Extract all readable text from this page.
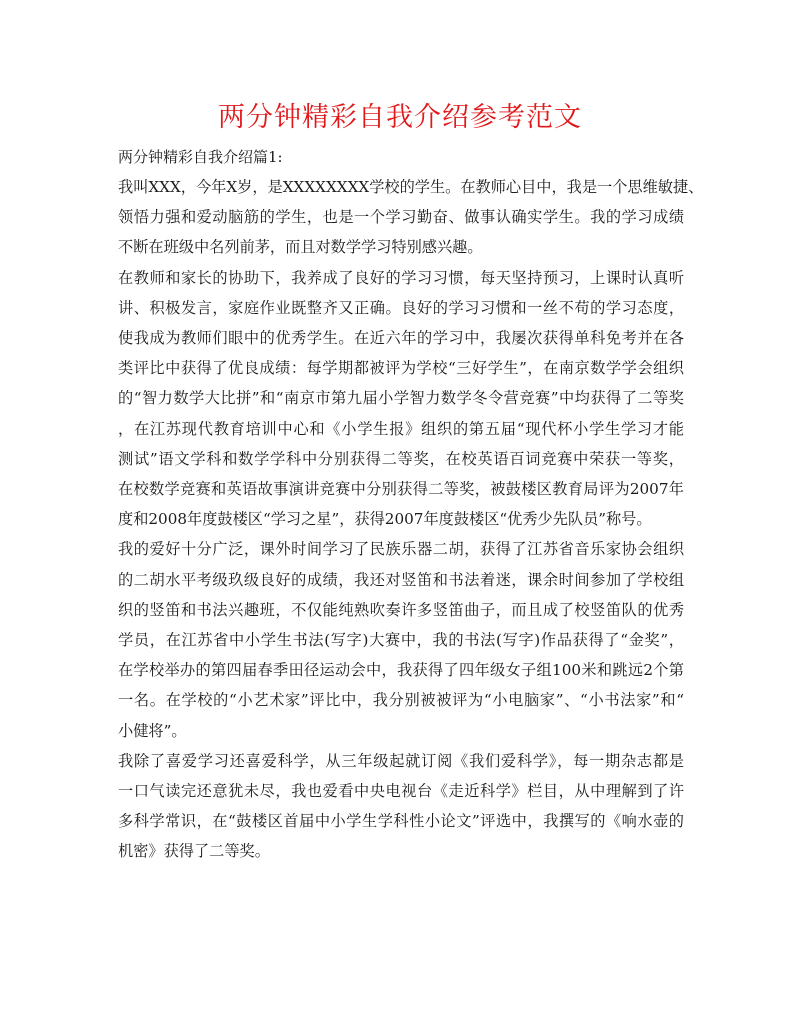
两分钟精彩自我介绍参考范文

两分钟精彩自我介绍篇1:

我叫XXX，今年X岁，是XXXXXXXX学校的学生。在教师心目中，我是一个思维敏捷、

领悟力强和爱动脑筋的学生，也是一个学习勤奋、做事认确实学生。我的学习成绩

不断在班级中名列前茅，而且对数学学习特别感兴趣。

在教师和家长的协助下，我养成了良好的学习习惯，每天坚持预习，上课时认真听

讲、积极发言，家庭作业既整齐又正确。良好的学习习惯和一丝不苟的学习态度，

使我成为教师们眼中的优秀学生。在近六年的学习中，我屡次获得单科免考并在各

类评比中获得了优良成绩：每学期都被评为学校“三好学生”，在南京数学学会组织

的“智力数学大比拼”和“南京市第九届小学智力数学冬令营竞赛”中均获得了二等奖

，在江苏现代教育培训中心和《小学生报》组织的第五届“现代杯小学生学习才能

测试”语文学科和数学学科中分别获得二等奖，在校英语百词竞赛中荣获一等奖，

在校数学竞赛和英语故事演讲竞赛中分别获得二等奖，被鼓楼区教育局评为2007年

度和2008年度鼓楼区“学习之星”，获得2007年度鼓楼区“优秀少先队员”称号。

我的爱好十分广泛，课外时间学习了民族乐器二胡，获得了江苏省音乐家协会组织

的二胡水平考级玖级良好的成绩，我还对竖笛和书法着迷，课余时间参加了学校组

织的竖笛和书法兴趣班，不仅能纯熟吹奏许多竖笛曲子，而且成了校竖笛队的优秀

学员，在江苏省中小学生书法(写字)大赛中，我的书法(写字)作品获得了“金奖”，

在学校举办的第四届春季田径运动会中，我获得了四年级女子组100米和跳远2个第

一名。在学校的“小艺术家”评比中，我分别被被评为“小电脑家”、“小书法家”和“

小健将”。

我除了喜爱学习还喜爱科学，从三年级起就订阅《我们爱科学》，每一期杂志都是

一口气读完还意犹未尽，我也爱看中央电视台《走近科学》栏目，从中理解到了许

多科学常识，在“鼓楼区首届中小学生学科性小论文”评选中，我撰写的《响水壶的

机密》获得了二等奖。
